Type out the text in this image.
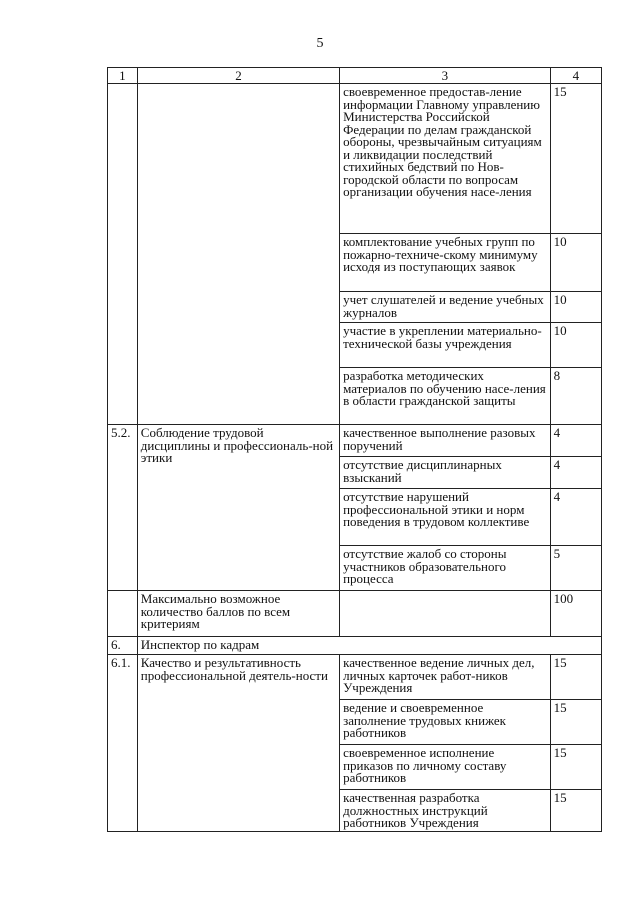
5
1	2	3	4
		своевременное предостав-ление информации Главному управлению Министерства Российской Федерации по делам гражданской обороны, чрезвычайным ситуациям и ликвидации последствий стихийных бедствий по Нов-городской области по вопросам организации обучения насе-ления	15
		комплектование учебных групп по пожарно-техниче-скому минимуму исходя из поступающих заявок	10
		учет слушателей и ведение учебных журналов	10
		участие в укреплении материально-технической базы учреждения	10
		разработка методических материалов по обучению насе-ления в области гражданской защиты	8
5.2.	Соблюдение трудовой дисциплины и профессиональ-ной этики	качественное выполнение разовых поручений	4
		отсутствие дисциплинарных взысканий	4
		отсутствие нарушений профессиональной этики и норм поведения в трудовом коллективе	4
		отсутствие жалоб со стороны участников образовательного процесса	5
	Максимально возможное количество баллов по всем критериям		100
6.	Инспектор по кадрам		
6.1.	Качество и результативность профессиональной деятель-ности	качественное ведение личных дел, личных карточек работ-ников Учреждения	15
		ведение и своевременное заполнение трудовых книжек работников	15
		своевременное исполнение приказов по личному составу работников	15
		качественная разработка должностных инструкций работников Учреждения	15
